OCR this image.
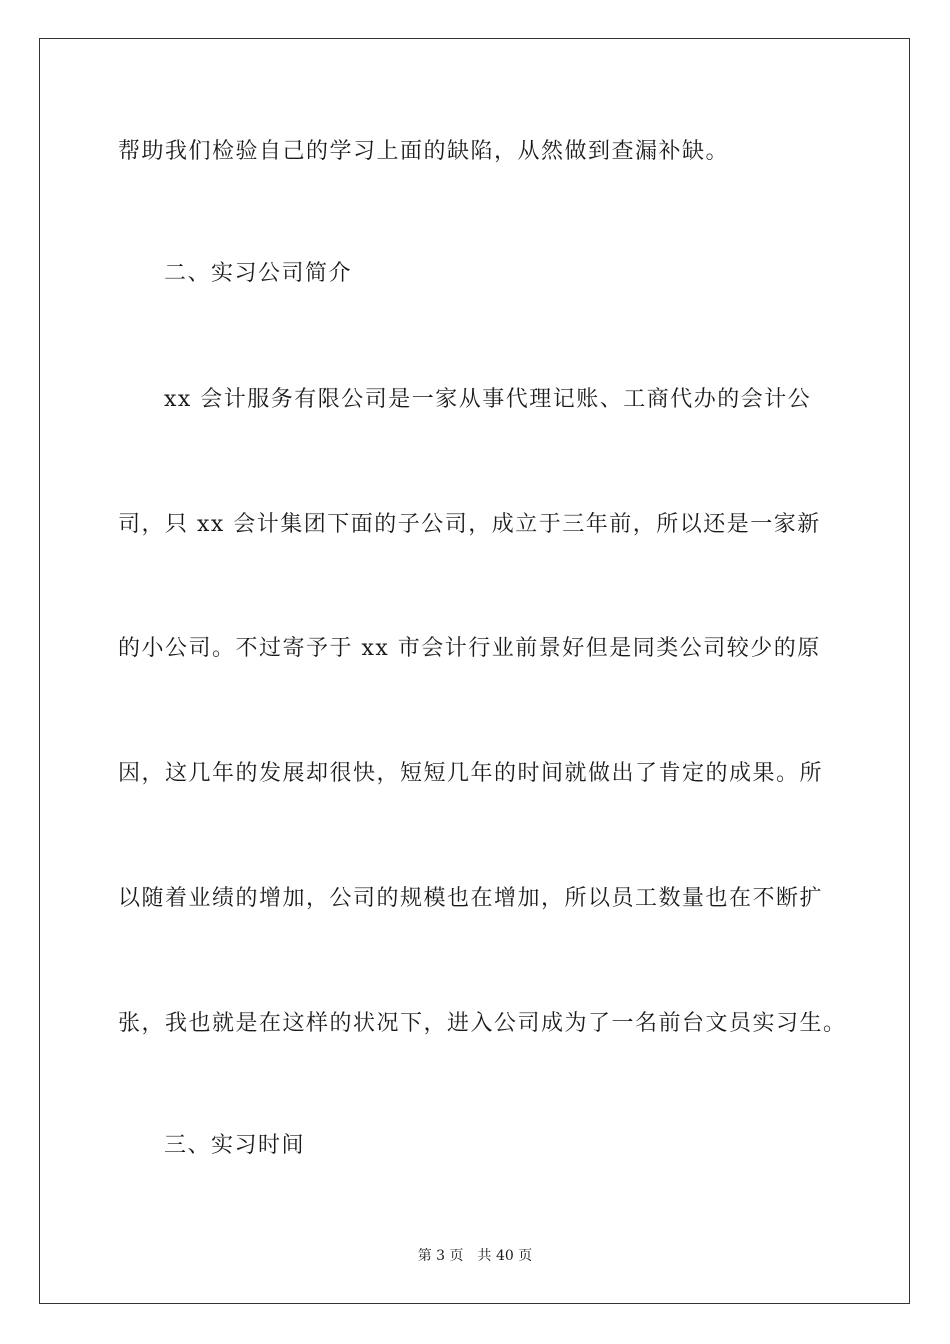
帮助我们检验自己的学习上面的缺陷，从然做到查漏补缺。
二、实习公司简介
xx 会计服务有限公司是一家从事代理记账、工商代办的会计公
司，只 xx 会计集团下面的子公司，成立于三年前，所以还是一家新
的小公司。不过寄予于 xx 市会计行业前景好但是同类公司较少的原
因，这几年的发展却很快，短短几年的时间就做出了肯定的成果。所
以随着业绩的增加，公司的规模也在增加，所以员工数量也在不断扩
张，我也就是在这样的状况下，进入公司成为了一名前台文员实习生。
三、实习时间
第 3 页 共 40 页
